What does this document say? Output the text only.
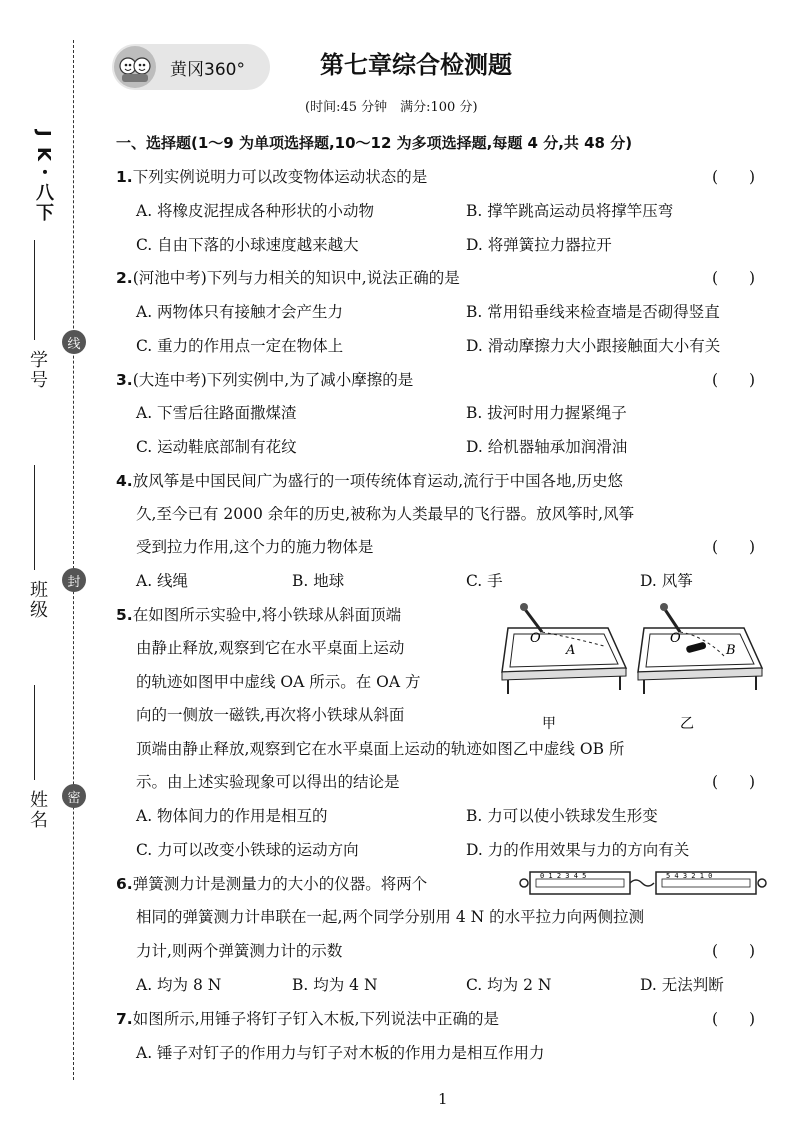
J K・八下
学号
班级
姓名
线
封
密
黄冈360°	第七章综合检测题
(时间:45 分钟　满分:100 分)
一、选择题(1～9 为单项选择题,10～12 为多项选择题,每题 4 分,共 48 分)
1.下列实例说明力可以改变物体运动状态的是	(　　)
A. 将橡皮泥捏成各种形状的小动物	B. 撑竿跳高运动员将撑竿压弯
C. 自由下落的小球速度越来越大	D. 将弹簧拉力器拉开
2.(河池中考)下列与力相关的知识中,说法正确的是	(　　)
A. 两物体只有接触才会产生力	B. 常用铅垂线来检查墙是否砌得竖直
C. 重力的作用点一定在物体上	D. 滑动摩擦力大小跟接触面大小有关
3.(大连中考)下列实例中,为了减小摩擦的是	(　　)
A. 下雪后往路面撒煤渣	B. 拔河时用力握紧绳子
C. 运动鞋底部制有花纹	D. 给机器轴承加润滑油
4.放风筝是中国民间广为盛行的一项传统体育运动,流行于中国各地,历史悠
久,至今已有 2000 余年的历史,被称为人类最早的飞行器。放风筝时,风筝
受到拉力作用,这个力的施力物体是	(　　)
A. 线绳	B. 地球	C. 手	D. 风筝
5.在如图所示实验中,将小铁球从斜面顶端
由静止释放,观察到它在水平桌面上运动
的轨迹如图甲中虚线 OA 所示。在 OA 方
向的一侧放一磁铁,再次将小铁球从斜面
顶端由静止释放,观察到它在水平桌面上运动的轨迹如图乙中虚线 OB 所
示。由上述实验现象可以得出的结论是	(　　)
O
A
甲
O
B
乙
A. 物体间力的作用是相互的	B. 力可以使小铁球发生形变
C. 力可以改变小铁球的运动方向	D. 力的作用效果与力的方向有关
6.弹簧测力计是测量力的大小的仪器。将两个	0 1 2 3 4 5	5 4 3 2 1 0
相同的弹簧测力计串联在一起,两个同学分别用 4 N 的水平拉力向两侧拉测
力计,则两个弹簧测力计的示数	(　　)
A. 均为 8 N	B. 均为 4 N	C. 均为 2 N	D. 无法判断
7.如图所示,用锤子将钉子钉入木板,下列说法中正确的是	(　　)
A. 锤子对钉子的作用力与钉子对木板的作用力是相互作用力
1
